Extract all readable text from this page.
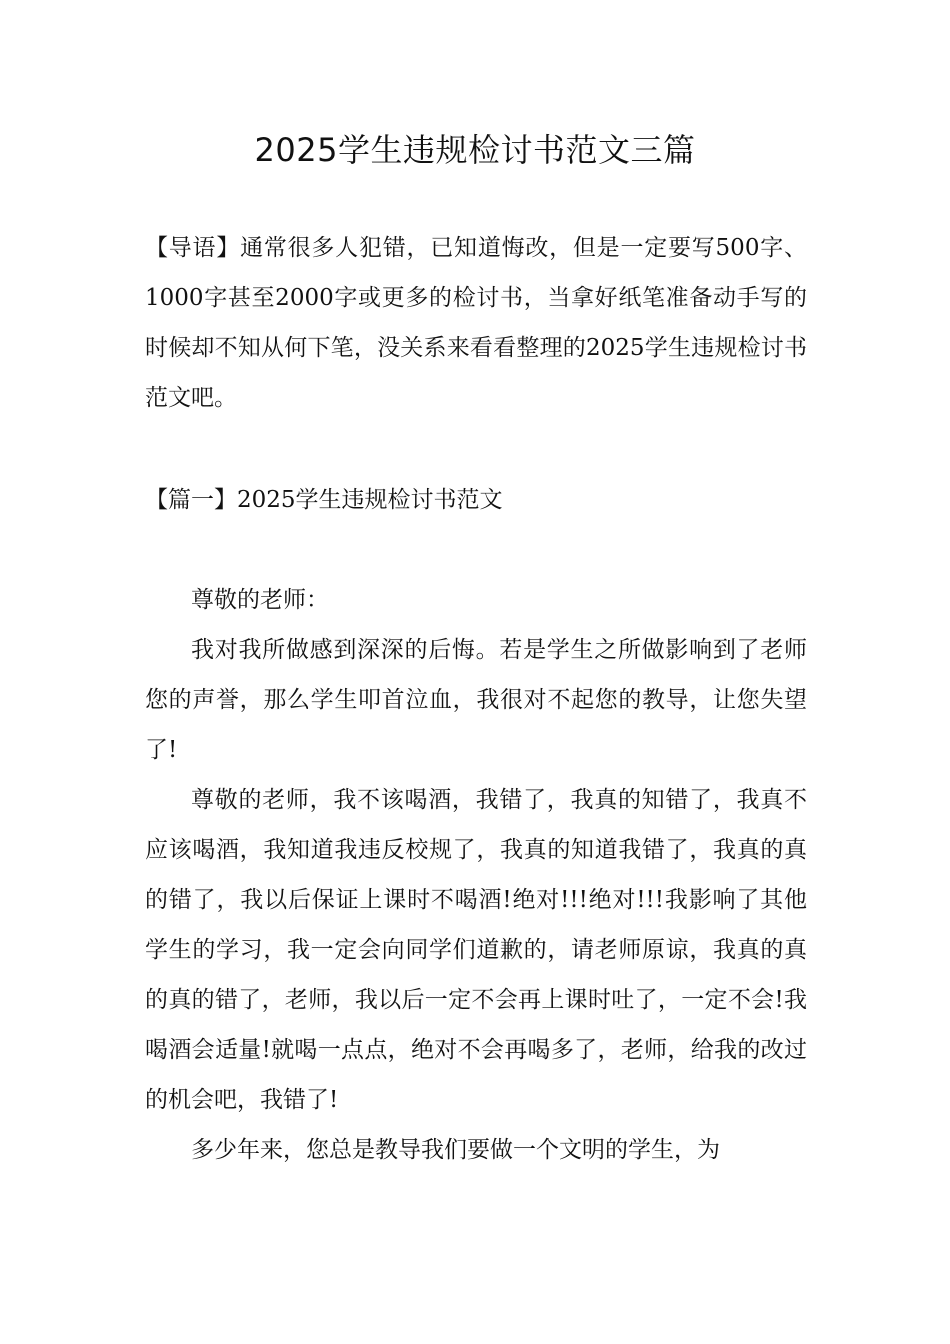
2025学生违规检讨书范文三篇

【导语】通常很多人犯错，已知道悔改，但是一定要写500字、1000字甚至2000字或更多的检讨书，当拿好纸笔准备动手写的时候却不知从何下笔，没关系来看看整理的2025学生违规检讨书范文吧。

【篇一】2025学生违规检讨书范文

尊敬的老师：

我对我所做感到深深的后悔。若是学生之所做影响到了老师您的声誉，那么学生叩首泣血，我很对不起您的教导，让您失望了!

尊敬的老师，我不该喝酒，我错了，我真的知错了，我真不应该喝酒，我知道我违反校规了，我真的知道我错了，我真的真的错了，我以后保证上课时不喝酒!绝对!!!绝对!!!我影响了其他学生的学习，我一定会向同学们道歉的，请老师原谅，我真的真的真的错了，老师，我以后一定不会再上课时吐了，一定不会!我喝酒会适量!就喝一点点，绝对不会再喝多了，老师，给我的改过的机会吧，我错了!

多少年来，您总是教导我们要做一个文明的学生，为
